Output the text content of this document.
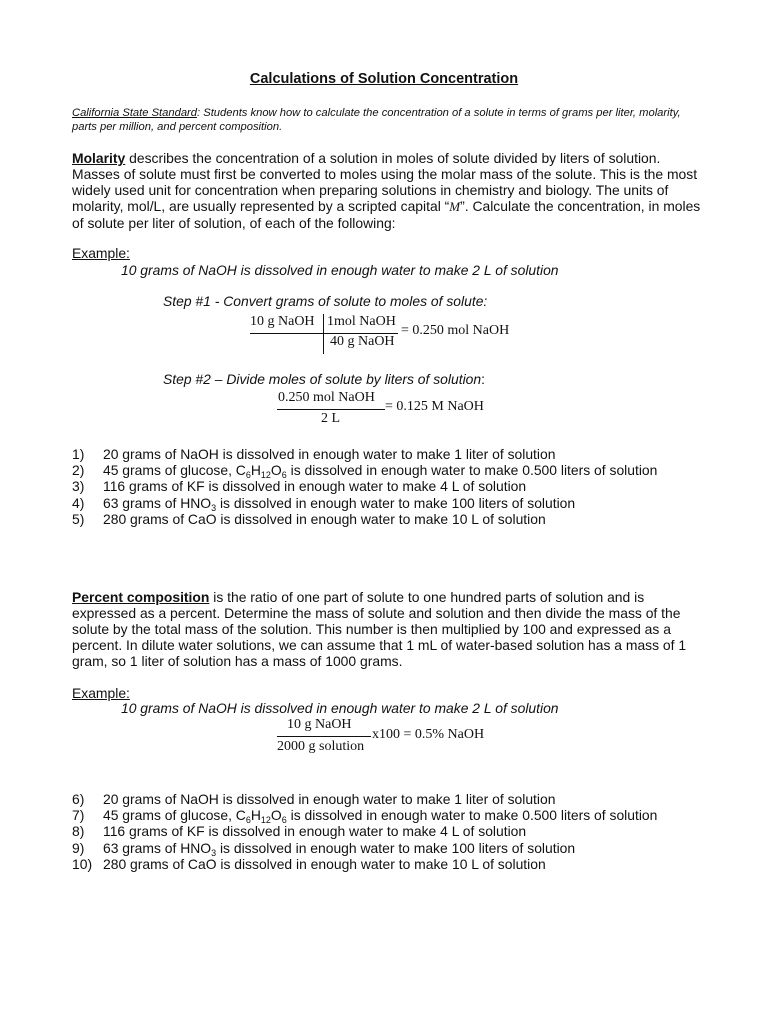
Calculations of Solution Concentration
California State Standard: Students know how to calculate the concentration of a solute in terms of grams per liter, molarity, parts per million, and percent composition.
Molarity describes the concentration of a solution in moles of solute divided by liters of solution. Masses of solute must first be converted to moles using the molar mass of the solute. This is the most widely used unit for concentration when preparing solutions in chemistry and biology. The units of molarity, mol/L, are usually represented by a scripted capital “M”. Calculate the concentration, in moles of solute per liter of solution, of each of the following:
Example:
10 grams of NaOH is dissolved in enough water to make 2 L of solution
Step #1 - Convert grams of solute to moles of solute:
10 g NaOH 1mol NaOH
40 g NaOH
= 0.250 mol NaOH
Step #2 – Divide moles of solute by liters of solution:
0.250 mol NaOH
2 L
= 0.125 M NaOH
1)	20 grams of NaOH is dissolved in enough water to make 1 liter of solution
2)	45 grams of glucose, $C_6H_{12}O_6$ is dissolved in enough water to make 0.500 liters of solution
3)	116 grams of KF is dissolved in enough water to make 4 L of solution
4)	63 grams of $HNO_3$ is dissolved in enough water to make 100 liters of solution
5)	280 grams of CaO is dissolved in enough water to make 10 L of solution
Percent composition is the ratio of one part of solute to one hundred parts of solution and is expressed as a percent. Determine the mass of solute and solution and then divide the mass of the solute by the total mass of the solution. This number is then multiplied by 100 and expressed as a percent. In dilute water solutions, we can assume that 1 mL of water-based solution has a mass of 1 gram, so 1 liter of solution has a mass of 1000 grams.
Example:
10 grams of NaOH is dissolved in enough water to make 2 L of solution
10 g NaOH
2000 g solution
x100 = 0.5% NaOH
6)	20 grams of NaOH is dissolved in enough water to make 1 liter of solution
7)	45 grams of glucose, $C_6H_{12}O_6$ is dissolved in enough water to make 0.500 liters of solution
8)	116 grams of KF is dissolved in enough water to make 4 L of solution
9)	63 grams of $HNO_3$ is dissolved in enough water to make 100 liters of solution
10) 280 grams of CaO is dissolved in enough water to make 10 L of solution
